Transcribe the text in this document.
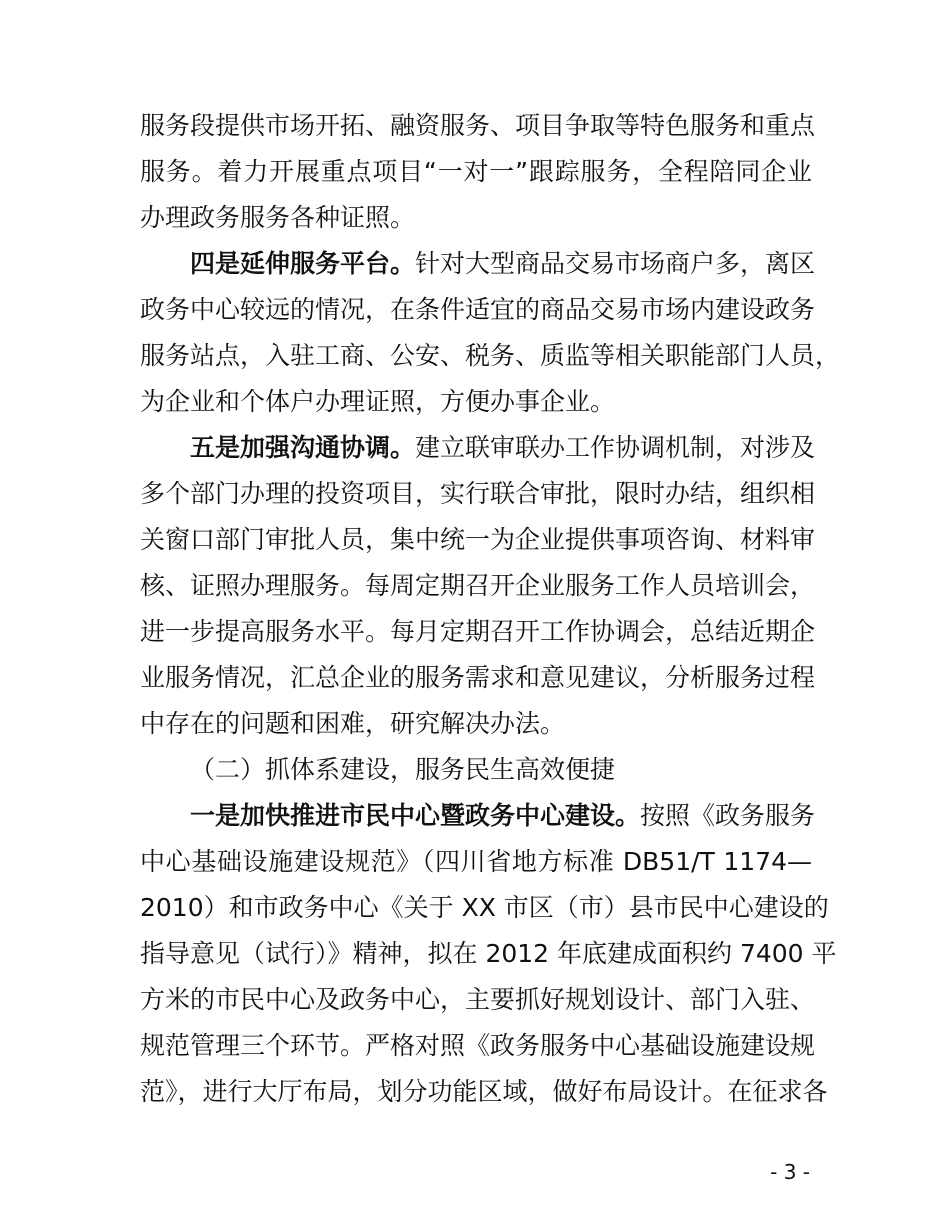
服务段提供市场开拓、融资服务、项目争取等特色服务和重点
服务。着力开展重点项目“一对一”跟踪服务，全程陪同企业
办理政务服务各种证照。
四是延伸服务平台。针对大型商品交易市场商户多，离区
政务中心较远的情况，在条件适宜的商品交易市场内建设政务
服务站点，入驻工商、公安、税务、质监等相关职能部门人员，
为企业和个体户办理证照，方便办事企业。
五是加强沟通协调。建立联审联办工作协调机制，对涉及
多个部门办理的投资项目，实行联合审批，限时办结，组织相
关窗口部门审批人员，集中统一为企业提供事项咨询、材料审
核、证照办理服务。每周定期召开企业服务工作人员培训会，
进一步提高服务水平。每月定期召开工作协调会，总结近期企
业服务情况，汇总企业的服务需求和意见建议，分析服务过程
中存在的问题和困难，研究解决办法。
（二）抓体系建设，服务民生高效便捷
一是加快推进市民中心暨政务中心建设。按照《政务服务
中心基础设施建设规范》（四川省地方标准 DB51/T 1174—
2010）和市政务中心《关于 XX 市区（市）县市民中心建设的
指导意见（试行）》精神，拟在 2012 年底建成面积约 7400 平
方米的市民中心及政务中心，主要抓好规划设计、部门入驻、
规范管理三个环节。严格对照《政务服务中心基础设施建设规
范》，进行大厅布局，划分功能区域，做好布局设计。在征求各
- 3 -
